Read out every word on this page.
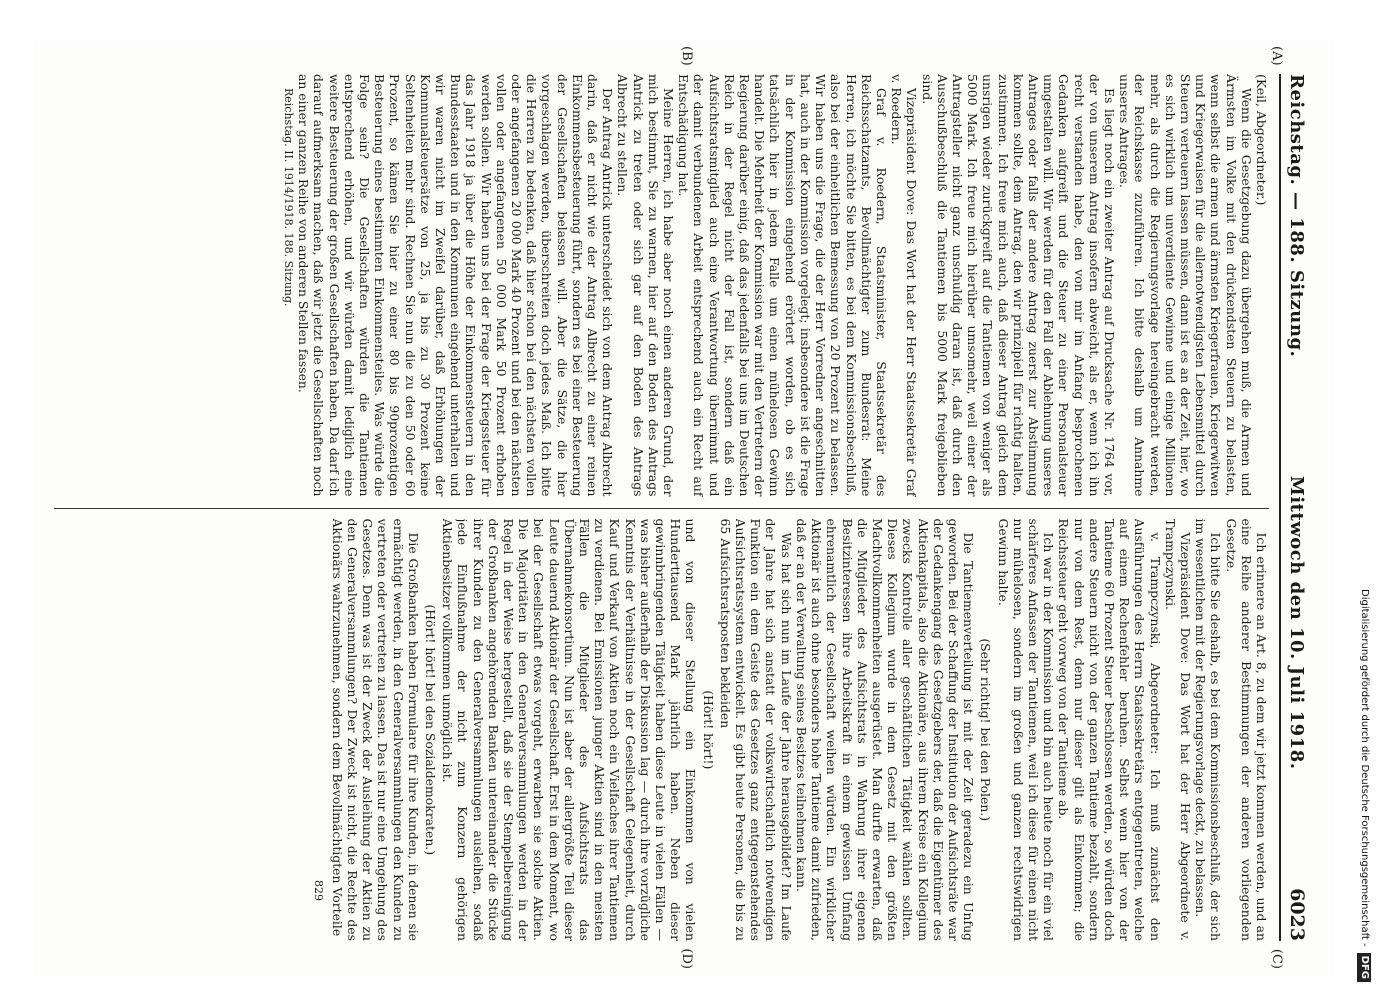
Reichstag. — 188. Sitzung.
Mittwoch den 10. Juli 1918.
6023
(A)
(B)
(C)
(D)

(Keil, Abgeordneter.)

Wenn die Gesetzgebung dazu übergehen muß, die Armen und Ärmsten im Volke mit den drückendsten Steuern zu belasten, wenn selbst die armen und ärmsten Kriegerfrauen, Kriegerwitwen und Kriegerwaisen für die allernotwendigsten Lebensmittel durch Steuern verteuern lassen müssen, dann ist es an der Zeit, hier, wo es sich wirklich um unverdiente Gewinne und einige Millionen mehr, als durch die Regierungsvorlage hereingebracht werden, der Reichskasse zuzuführen. Ich bitte deshalb um Annahme unseres Antrages.

Es liegt noch ein zweiter Antrag auf Drucksache Nr. 1764 vor, der von unserem Antrag insofern abweicht, als er, wenn ich ihn recht verstanden habe, den von mir im Anfang besprochenen Gedanken aufgreift und die Steuer zu einer Personalsteuer umgestalten will. Wir werden für den Fall der Ablehnung unseres Antrages oder falls der andere Antrag zuerst zur Abstimmung kommen sollte, dem Antrag, den wir prinzipiell für richtig halten, zustimmen. Ich freue mich auch, daß dieser Antrag gleich dem unsrigen wieder zurückgreift auf die Tantiemen von weniger als 5000 Mark. Ich freue mich hierüber umsomehr, weil einer der Antragsteller nicht ganz unschuldig daran ist, daß durch den Ausschußbeschluß die Tantiemen bis 5000 Mark freigeblieben sind.

Vizepräsident Dove: Das Wort hat der Herr Staatssekretär Graf v. Roedern.

Graf v. Roedern, Staatsminister, Staatssekretär des Reichsschatzamts, Bevollmächtigter zum Bundesrat: Meine Herren, ich möchte Sie bitten, es bei dem Kommissionsbeschluß, also bei der einheitlichen Bemessung von 20 Prozent zu belassen. Wir haben uns die Frage, die der Herr Vorredner angeschnitten hat, auch in der Kommission vorgelegt; insbesondere ist die Frage in der Kommission eingehend erörtert worden, ob es sich tatsächlich hier in jedem Falle um einen mühelosen Gewinn handelt. Die Mehrheit der Kommission war mit den Vertretern der Regierung darüber einig, daß das jedenfalls bei uns im Deutschen Reich in der Regel nicht der Fall ist, sondern daß ein Aufsichtsratsmitglied auch eine Verantwortung übernimmt und der damit verbundenen Arbeit entsprechend auch ein Recht auf Entschädigung hat.

Meine Herren, ich habe aber noch einen anderen Grund, der mich bestimmt, Sie zu warnen, hier auf den Boden des Antrags Antrick zu treten oder sich gar auf den Boden des Antrags Albrecht zu stellen.

Der Antrag Antrick unterscheidet sich von dem Antrag Albrecht darin, daß er nicht wie der Antrag Albrecht zu einer reinen Einkommensbesteuerung führt, sondern es bei einer Besteuerung der Gesellschaften belassen will. Aber die Sätze, die hier vorgeschlagen werden, überschreiten doch jedes Maß. Ich bitte die Herren zu bedenken, daß hier schon bei den nächsten vollen oder angefangenen 20 000 Mark 40 Prozent und bei den nächsten vollen oder angefangenen 50 000 Mark 50 Prozent erhoben werden sollen. Wir haben uns bei der Frage der Kriegssteuer für das Jahr 1918 ja über die Höhe der Einkommensteuern in den Bundesstaaten und in den Kommunen eingehend unterhalten und wir waren nicht im Zweifel darüber, daß Erhöhungen der Kommunalsteuersätze von 25, ja bis zu 30 Prozent keine Seltenheiten mehr sind. Rechnen Sie nun die zu den 50 oder 60 Prozent, so kämen Sie hier zu einer 80 bis 90prozentigen Besteuerung eines bestimmten Einkommensteiles. Was würde die Folge sein? Die Gesellschaften würden die Tantiemen entsprechend erhöhen, und wir würden damit lediglich eine weitere Besteuerung der großen Gesellschaften haben. Da darf ich darauf aufmerksam machen, daß wir jetzt die Gesellschaften noch an einer ganzen Reihe von anderen Stellen fassen.

Reichstag. II. 1914/1918. 188. Sitzung.

Ich erinnere an Art. 8, zu dem wir jetzt kommen werden, und an eine Reihe anderer Bestimmungen der anderen vorliegenden Gesetze.

Ich bitte Sie deshalb, es bei dem Kommissionsbeschluß, der sich im wesentlichen mit der Regierungsvorlage deckt, zu belassen.

Vizepräsident Dove: Das Wort hat der Herr Abgeordnete v. Trampczynski.

v. Trampczynski, Abgeordneter: Ich muß zunächst den Ausführungen des Herrn Staatssekretärs entgegentreten, welche auf einem Rechenfehler beruhen. Selbst wenn hier von der Tantieme 60 Prozent Steuer beschlossen werden, so würden doch andere Steuern nicht von der ganzen Tantieme bezahlt, sondern nur von dem Rest, denn nur dieser gilt als Einkommen; die Reichssteuer geht vorweg von der Tantieme ab.

Ich war in der Kommission und bin auch heute noch für ein viel schärferes Anfassen der Tantiemen, weil ich diese für einen nicht nur mühelosen, sondern im großen und ganzen rechtswidrigen Gewinn halte.

(Sehr richtig! bei den Polen.)

Die Tantiemenverteilung ist mit der Zeit geradezu ein Unfug geworden. Bei der Schaffung der Institution der Aufsichtsräte war der Gedankengang des Gesetzgebers der, daß die Eigentümer des Aktienkapitals, also die Aktionäre, aus ihrem Kreise ein Kollegium zwecks Kontrolle aller geschäftlichen Tätigkeit wählen sollten. Dieses Kollegium wurde in dem Gesetz mit den größten Machtvollkommenheiten ausgerüstet. Man durfte erwarten, daß die Mitglieder des Aufsichtsrats in Wahrung ihrer eigenen Besitzinteressen ihre Arbeitskraft in einem gewissen Umfang ehrenamtlich der Gesellschaft weihen würden. Ein wirklicher Aktionär ist auch ohne besonders hohe Tantieme damit zufrieden, daß er an der Verwaltung seines Besitzes teilnehmen kann.

Was hat sich nun im Laufe der Jahre herausgebildet? Im Laufe der Jahre hat sich anstatt der volkswirtschaftlich notwendigen Funktion ein dem Geiste des Gesetzes ganz entgegenstehendes Aufsichtsratssystem entwickelt. Es gibt heute Personen, die bis zu 65 Aufsichtsratsposten bekleiden

(Hört! hört!)

und von dieser Stellung ein Einkommen von vielen Hunderttausend Mark jährlich haben. Neben dieser gewinnbringenden Tätigkeit haben diese Leute in vielen Fällen — was bisher außerhalb der Diskussion lag — durch ihre vorzügliche Kenntnis der Verhältnisse in der Gesellschaft Gelegenheit, durch Kauf und Verkauf von Aktien noch ein Vielfaches ihrer Tantiemen zu verdienen. Bei Emissionen junger Aktien sind in den meisten Fällen die Mitglieder des Aufsichtsrats das Übernahmekonsortium. Nun ist aber der allergrößte Teil dieser Leute dauernd Aktionär der Gesellschaft. Erst in dem Moment, wo bei der Gesellschaft etwas vorgeht, erwarben sie solche Aktien. Die Majoritäten in den Generalversammlungen werden in der Regel in der Weise hergestellt, daß sie der Stempelbereinigung der Großbanken angehörenden Banken untereinander die Stücke ihrer Kunden zu den Generalversammlungen ausleihen, sodaß jede Einflußnahme der nicht zum Konzern gehörigen Aktienbesitzer vollkommen unmöglich ist.

(Hört! hört! bei den Sozialdemokraten.)

Die Großbanken haben Formulare für ihre Kunden, in denen sie ermächtigt werden, in den Generalversammlungen den Kunden zu vertreten oder vertreten zu lassen. Das ist nur eine Umgehung des Gesetzes. Denn was ist der Zweck der Ausleihung der Aktien zu den Generalversammlungen? Der Zweck ist nicht, die Rechte des Aktionärs wahrzunehmen, sondern dem Bevollmächtigten Vorteile

829	Digitalisierung gefördert durch die Deutsche Forschungsgemeinschaft -DFG
